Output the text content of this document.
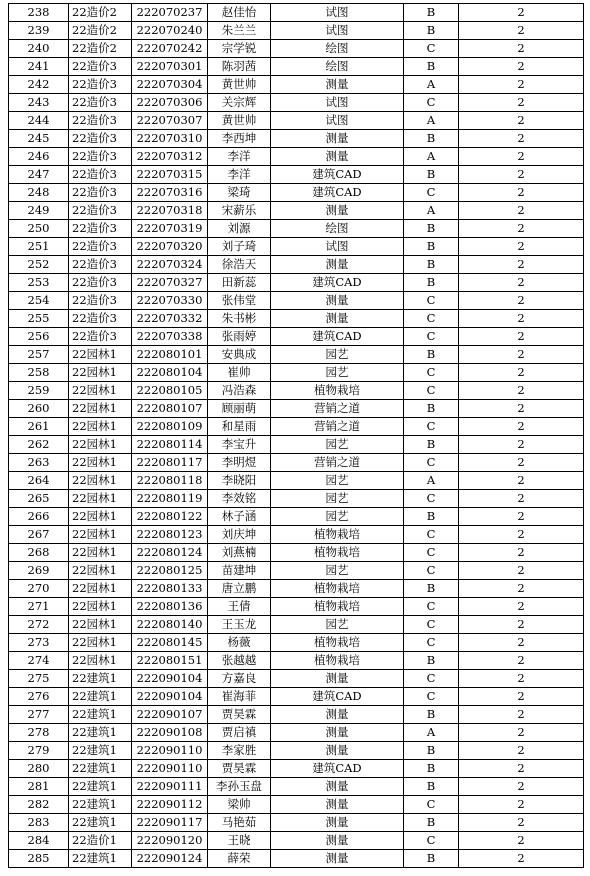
238	22造价2	222070237	赵佳怡	试图	B	2
239	22造价2	222070240	朱兰兰	试图	B	2
240	22造价2	222070242	宗学锐	绘图	C	2
241	22造价3	222070301	陈羽茜	绘图	B	2
242	22造价3	222070304	黄世帅	测量	A	2
243	22造价3	222070306	关宗辉	试图	C	2
244	22造价3	222070307	黄世帅	试图	A	2
245	22造价3	222070310	李西坤	测量	B	2
246	22造价3	222070312	李洋	测量	A	2
247	22造价3	222070315	李洋	建筑CAD	B	2
248	22造价3	222070316	梁琦	建筑CAD	C	2
249	22造价3	222070318	宋薪乐	测量	A	2
250	22造价3	222070319	刘源	绘图	B	2
251	22造价3	222070320	刘子琦	试图	B	2
252	22造价3	222070324	徐浩天	测量	B	2
253	22造价3	222070327	田新蕊	建筑CAD	B	2
254	22造价3	222070330	张伟堂	测量	C	2
255	22造价3	222070332	朱书彬	测量	C	2
256	22造价3	222070338	张雨婷	建筑CAD	C	2
257	22园林1	222080101	安典成	园艺	B	2
258	22园林1	222080104	崔帅	园艺	C	2
259	22园林1	222080105	冯浩森	植物栽培	C	2
260	22园林1	222080107	顾丽萌	营销之道	B	2
261	22园林1	222080109	和星雨	营销之道	C	2
262	22园林1	222080114	李宝升	园艺	B	2
263	22园林1	222080117	李明煜	营销之道	C	2
264	22园林1	222080118	李晓阳	园艺	A	2
265	22园林1	222080119	李效铭	园艺	C	2
266	22园林1	222080122	林子涵	园艺	B	2
267	22园林1	222080123	刘庆坤	植物栽培	C	2
268	22园林1	222080124	刘燕楠	植物栽培	C	2
269	22园林1	222080125	苗建坤	园艺	C	2
270	22园林1	222080133	唐立鹏	植物栽培	B	2
271	22园林1	222080136	王倩	植物栽培	C	2
272	22园林1	222080140	王玉龙	园艺	C	2
273	22园林1	222080145	杨薇	植物栽培	C	2
274	22园林1	222080151	张越越	植物栽培	B	2
275	22建筑1	222090104	方嘉良	测量	C	2
276	22建筑1	222090104	崔海菲	建筑CAD	C	2
277	22建筑1	222090107	贾昊霖	测量	B	2
278	22建筑1	222090108	贾启禛	测量	A	2
279	22建筑1	222090110	李家胜	测量	B	2
280	22建筑1	222090110	贾昊霖	建筑CAD	B	2
281	22建筑1	222090111	李孙玉盘	测量	B	2
282	22建筑1	222090112	梁帅	测量	C	2
283	22建筑1	222090117	马艳茹	测量	B	2
284	22造价1	222090120	王晓	测量	C	2
285	22建筑1	222090124	薛荣	测量	B	2
